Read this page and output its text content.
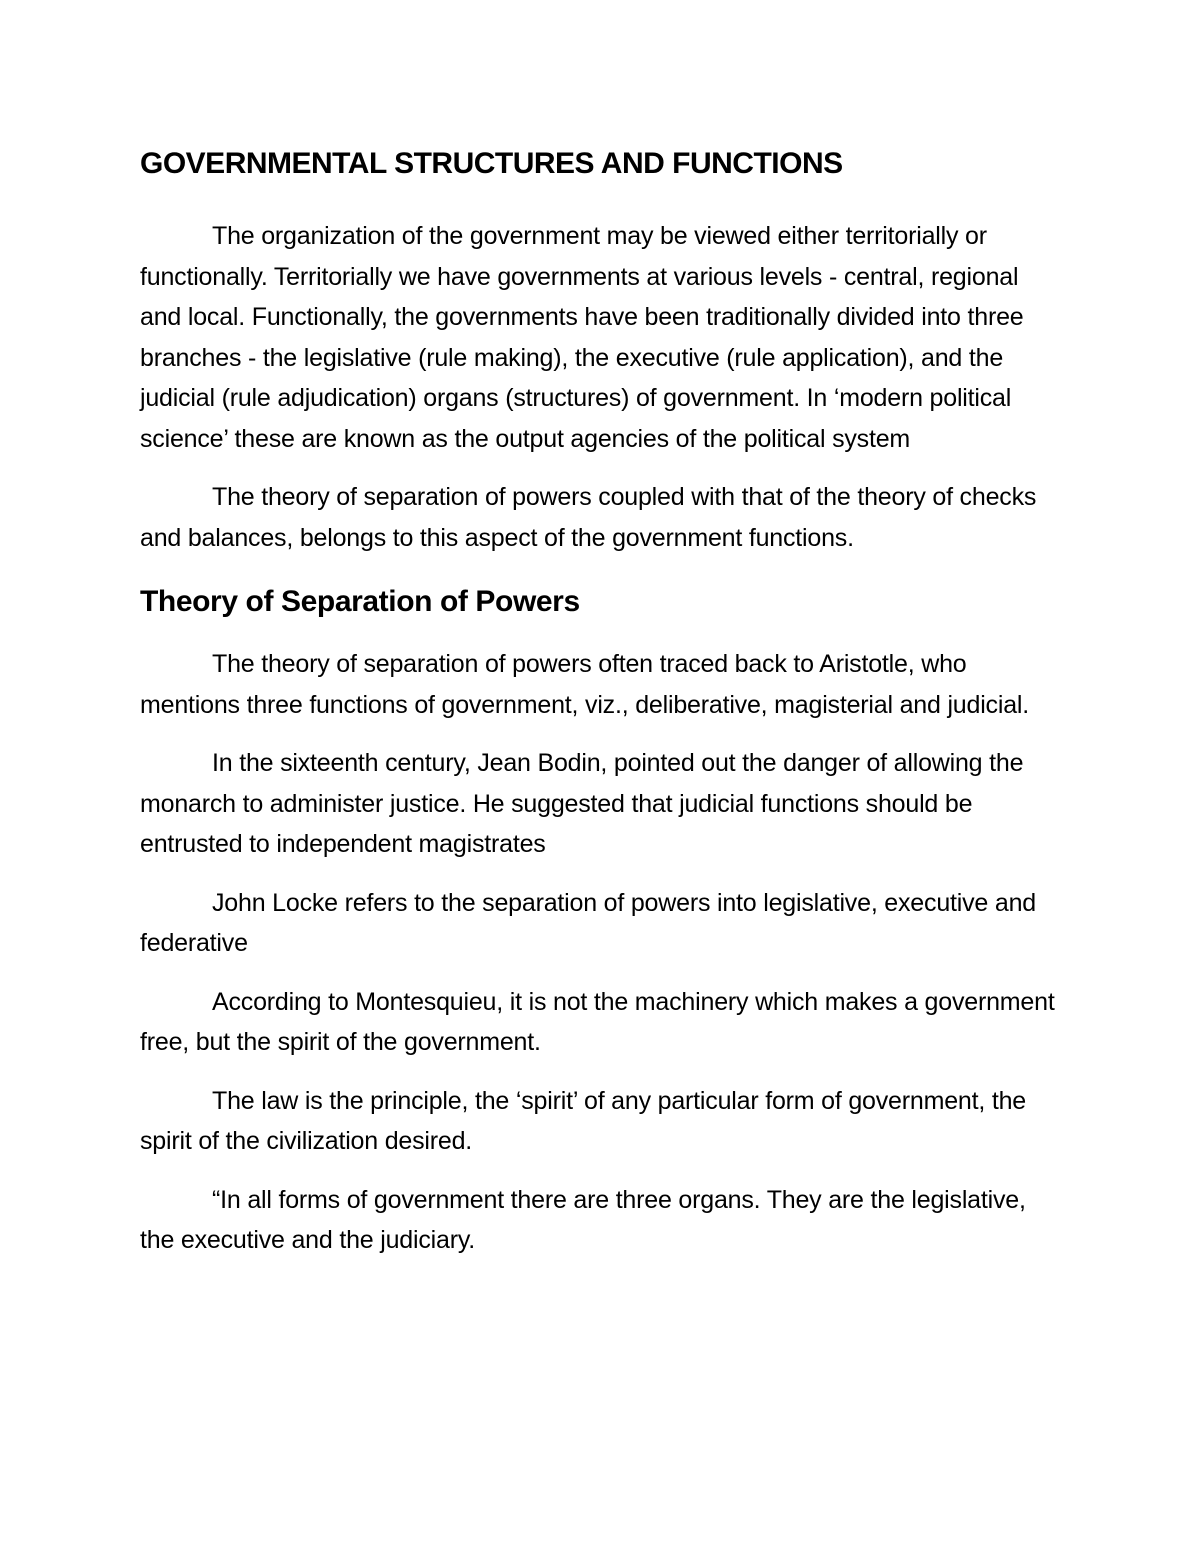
GOVERNMENTAL STRUCTURES AND FUNCTIONS

The organization of the government may be viewed either territorially or functionally. Territorially we have governments at various levels - central, regional and local. Functionally, the governments have been traditionally divided into three branches - the legislative (rule making), the executive (rule application), and the judicial (rule adjudication) organs (structures) of government. In ‘modern political science’ these are known as the output agencies of the political system

The theory of separation of powers coupled with that of the theory of checks and balances, belongs to this aspect of the government functions.

Theory of Separation of Powers

The theory of separation of powers often traced back to Aristotle, who mentions three functions of government, viz., deliberative, magisterial and judicial.

In the sixteenth century, Jean Bodin, pointed out the danger of allowing the monarch to administer justice. He suggested that judicial functions should be entrusted to independent magistrates

John Locke refers to the separation of powers into legislative, executive and federative

According to Montesquieu, it is not the machinery which makes a government free, but the spirit of the government.

The law is the principle, the ‘spirit’ of any particular form of government, the spirit of the civilization desired.

“In all forms of government there are three organs. They are the legislative, the executive and the judiciary.
